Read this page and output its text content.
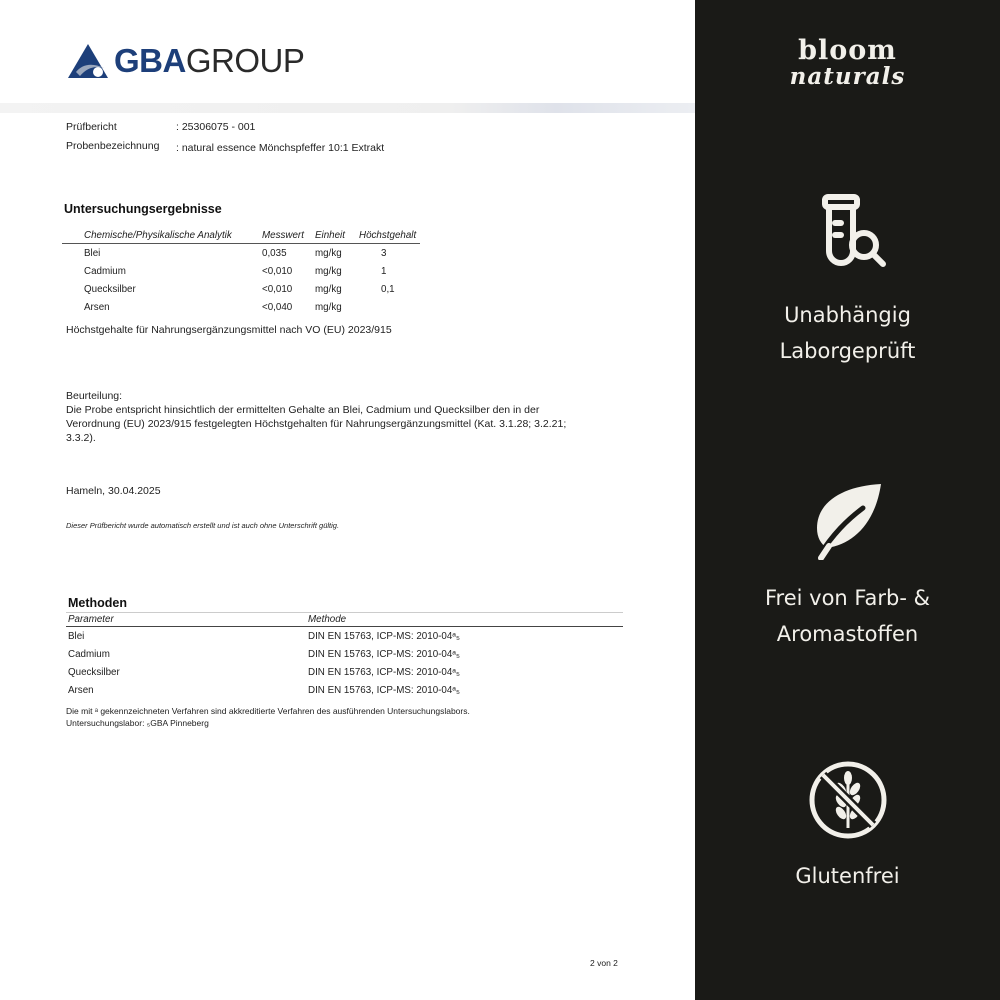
GBA GROUP
Prüfbericht	: 25306075 - 001
Probenbezeichnung : natural essence Mönchspfeffer 10:1 Extrakt
Untersuchungsergebnisse
Chemische/Physikalische Analytik	Messwert	Einheit	Höchstgehalt
Blei	0,035	mg/kg	3
Cadmium	<0,010	mg/kg	1
Quecksilber	<0,010	mg/kg	0,1
Arsen	<0,040	mg/kg	
Höchstgehalte für Nahrungsergänzungsmittel nach VO (EU) 2023/915
Beurteilung:
Die Probe entspricht hinsichtlich der ermittelten Gehalte an Blei, Cadmium und Quecksilber den in der
Verordnung (EU) 2023/915 festgelegten Höchstgehalten für Nahrungsergänzungsmittel (Kat. 3.1.28; 3.2.21;
3.3.2).
Hameln, 30.04.2025
Dieser Prüfbericht wurde automatisch erstellt und ist auch ohne Unterschrift gültig.
Methoden
Parameter	Methode
Blei	DIN EN 15763, ICP-MS: 2010-04ᵃ₅
Cadmium	DIN EN 15763, ICP-MS: 2010-04ᵃ₅
Quecksilber	DIN EN 15763, ICP-MS: 2010-04ᵃ₅
Arsen	DIN EN 15763, ICP-MS: 2010-04ᵃ₅
Die mit ᵃ gekennzeichneten Verfahren sind akkreditierte Verfahren des ausführenden Untersuchungslabors.
Untersuchungslabor: ₅GBA Pinneberg
2 von 2
bloom
naturals
Unabhängig
Laborgeprüft
Frei von Farb- &
Aromastoffen
Glutenfrei
